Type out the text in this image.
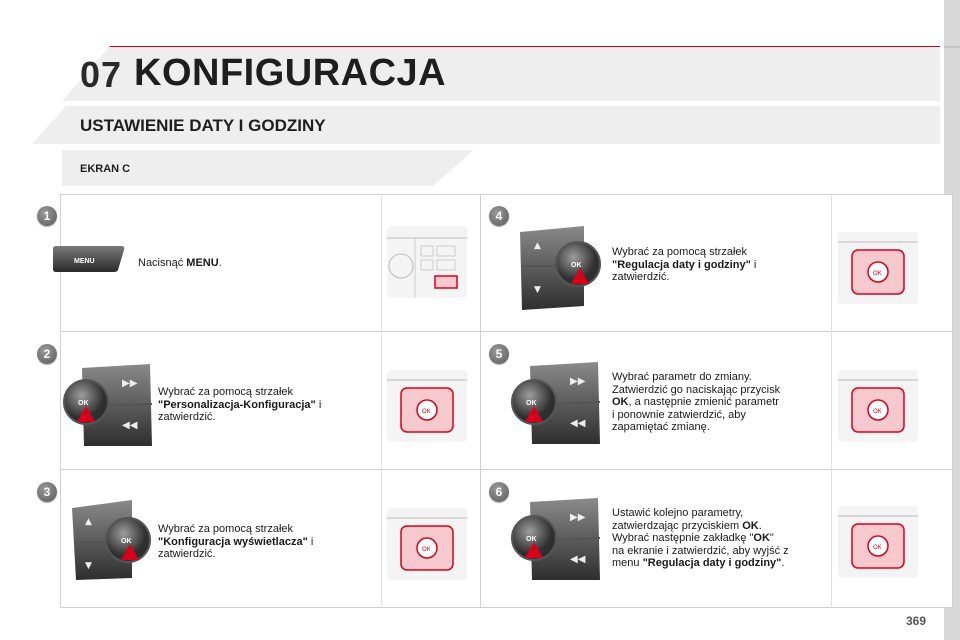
07 KONFIGURACJA
USTAWIENIE DATY I GODZINY
EKRAN C
1
2
3
4
5
6
Nacisnąć MENU.
Wybrać za pomocą strzałek
"Personalizacja-Konfiguracja" i
zatwierdzić.
Wybrać za pomocą strzałek
"Konfiguracja wyświetlacza" i
zatwierdzić.
Wybrać za pomocą strzałek
"Regulacja daty i godziny" i
zatwierdzić.
Wybrać parametr do zmiany.
Zatwierdzić go naciskając przycisk
OK, a następnie zmienić parametr
i ponownie zatwierdzić, aby
zapamiętać zmianę.
Ustawić kolejno parametry,
zatwierdzając przyciskiem OK.
Wybrać następnie zakładkę "OK"
na ekranie i zatwierdzić, aby wyjść z
menu "Regulacja daty i godziny".
MENU
▶▶
◀◀
OK
▲
▼
OK
▲
▼
OK
▶▶
◀◀
OK
▶▶
◀◀
OK
OK
OK
OK
OK
OK
369
